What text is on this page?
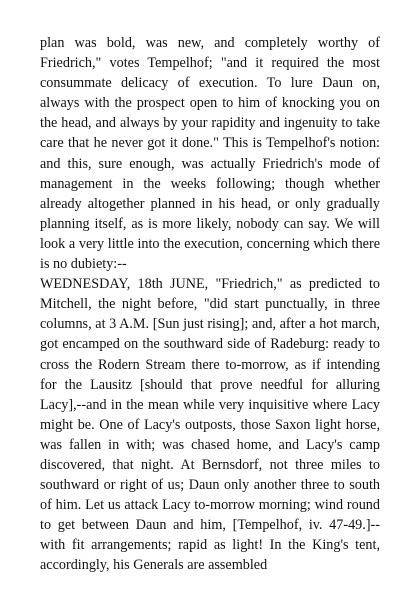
plan was bold, was new, and completely worthy of Friedrich," votes Tempelhof; "and it required the most consummate delicacy of execution. To lure Daun on, always with the prospect open to him of knocking you on the head, and always by your rapidity and ingenuity to take care that he never got it done." This is Tempelhof's notion: and this, sure enough, was actually Friedrich's mode of management in the weeks following; though whether already altogether planned in his head, or only gradually planning itself, as is more likely, nobody can say. We will look a very little into the execution, concerning which there is no dubiety:--

WEDNESDAY, 18th JUNE, "Friedrich," as predicted to Mitchell, the night before, "did start punctually, in three columns, at 3 A.M. [Sun just rising]; and, after a hot march, got encamped on the southward side of Radeburg: ready to cross the Rodern Stream there to-morrow, as if intending for the Lausitz [should that prove needful for alluring Lacy],--and in the mean while very inquisitive where Lacy might be. One of Lacy's outposts, those Saxon light horse, was fallen in with; was chased home, and Lacy's camp discovered, that night. At Bernsdorf, not three miles to southward or right of us; Daun only another three to south of him. Let us attack Lacy to-morrow morning; wind round to get between Daun and him, [Tempelhof, iv. 47-49.]--with fit arrangements; rapid as light! In the King's tent, accordingly, his Generals are assembled
